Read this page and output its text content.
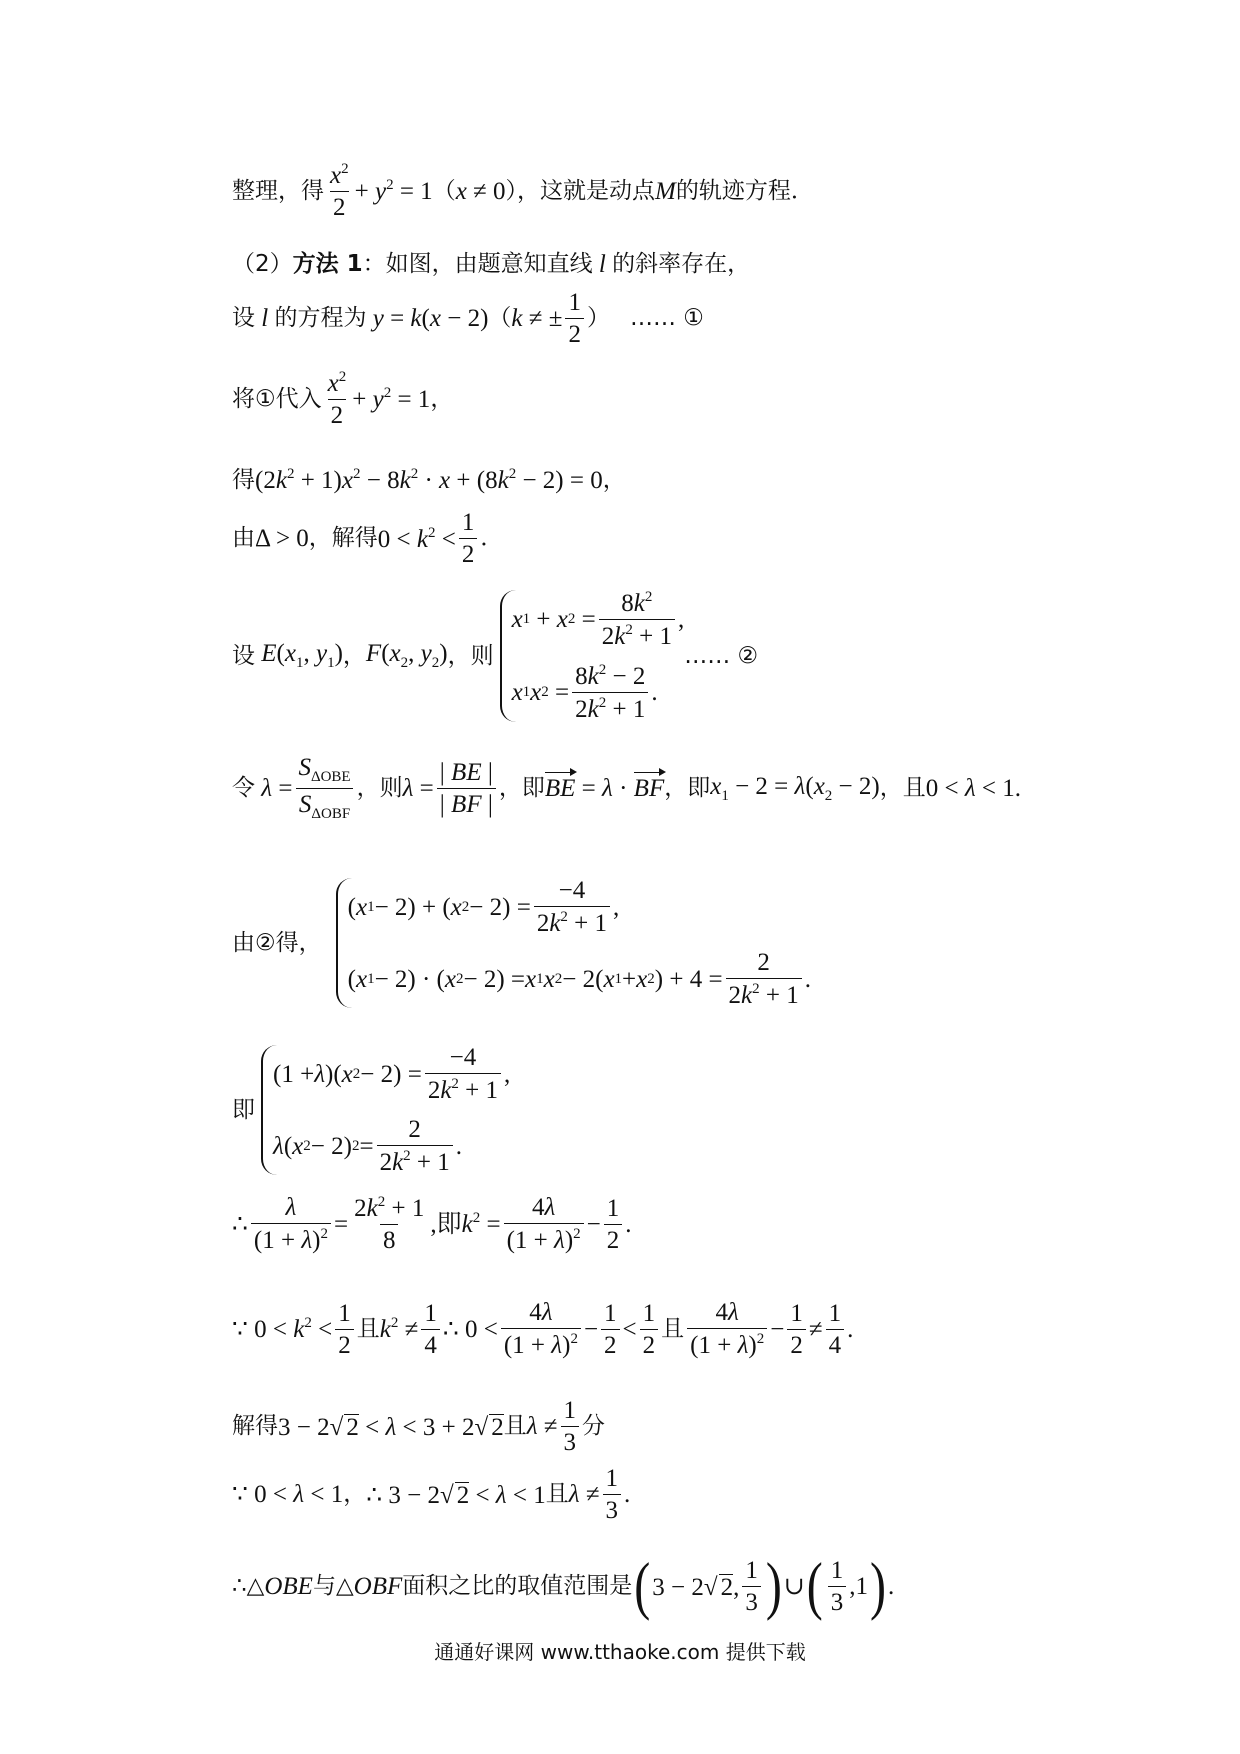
整理，得 $\frac{x^2}{2} + y^2 = 1$ （ x ≠ 0 ），这就是动点 M 的轨迹方程．
（2） 方法 1 ：如图，由题意知直线 l 的斜率存在，
设 l 的方程为 y = k(x − 2) （ k ≠ ± $\frac{1}{2}$ ） …… ①
将①代入 $\frac{x^2}{2} + y^2 = 1$ ，
得 $(2k^2 + 1)x^2 - 8k^2 \cdot x + (8k^2 - 2) = 0$ ，
由 Δ > 0 ，解得 $0 < k^2 < \frac{1}{2}$ ．
设 $E(x_1$, $y_1$) ， $F(x_2$, $y_2$) ，则
x 1 + x $2 = \frac{8k^2}{2k^2 + 1}$ ,
x 1 x $2 = \frac{8k^2 - 2}{2k^2 + 1}$ .
…… ②
令 $\lambda = \frac{S_{\Delta OBE}}{S_{\Delta OBF}}$ ，则 $\lambda = \frac{| BE |}{| BF |}$ ，即 BE = λ · BF ，即 $x_1 - 2 = \lambda(x_2 - 2)$ ，且 0 < λ < 1.
由②得，
( x 1 − 2) + ( x $2 - 2) = \frac{-4}{2k^2 + 1}$ ,
( x 1 − 2) · ( x 2 − 2) = x 1 x 2 − 2( x 1 + x 2 ) + $4 = \frac{2}{2k^2 + 1}$ .
即
(1 + λ )( x $2 - 2) = \frac{-4}{2k^2 + 1}$ ,
λ ( x 2 − 2) $2 = \frac{2}{2k^2 + 1}$ .
∴ $\frac{\lambda}{(1 + \lambda)^2} = \frac{2k^2 + 1}{8}$ ,即$k^2 = \frac{4\lambda}{(1 + \lambda)^2} - \frac{1}{2}$ .
∵ $0 < k^2 < \frac{1}{2}$ 且 $k^2 \ne \frac{1}{4}$ ∴ $0 < \frac{4\lambda}{(1 + \lambda)^2} - \frac{1}{2} < \frac{1}{2}$ 且 $\frac{4\lambda}{(1 + \lambda)^2} - \frac{1}{2} \ne \frac{1}{4}$ .
解得 3 − 2√ 2 < λ < 3 + 2√ 2 且 $\lambda \ne \frac{1}{3}$ 分
∵ 0 < λ < 1 ， ∴ 3 − 2√ 2 < λ < 1 且 $\lambda \ne \frac{1}{3}$ .
∴△ OBE 与△ OBF 面积之比的取值范围是 ( 3 − 2√ 2, $\frac{1}{3}$ ) ∪ ( $\frac{1}{3} ,1$ ) .
通通好课网 www.tthaoke.com 提供下载
